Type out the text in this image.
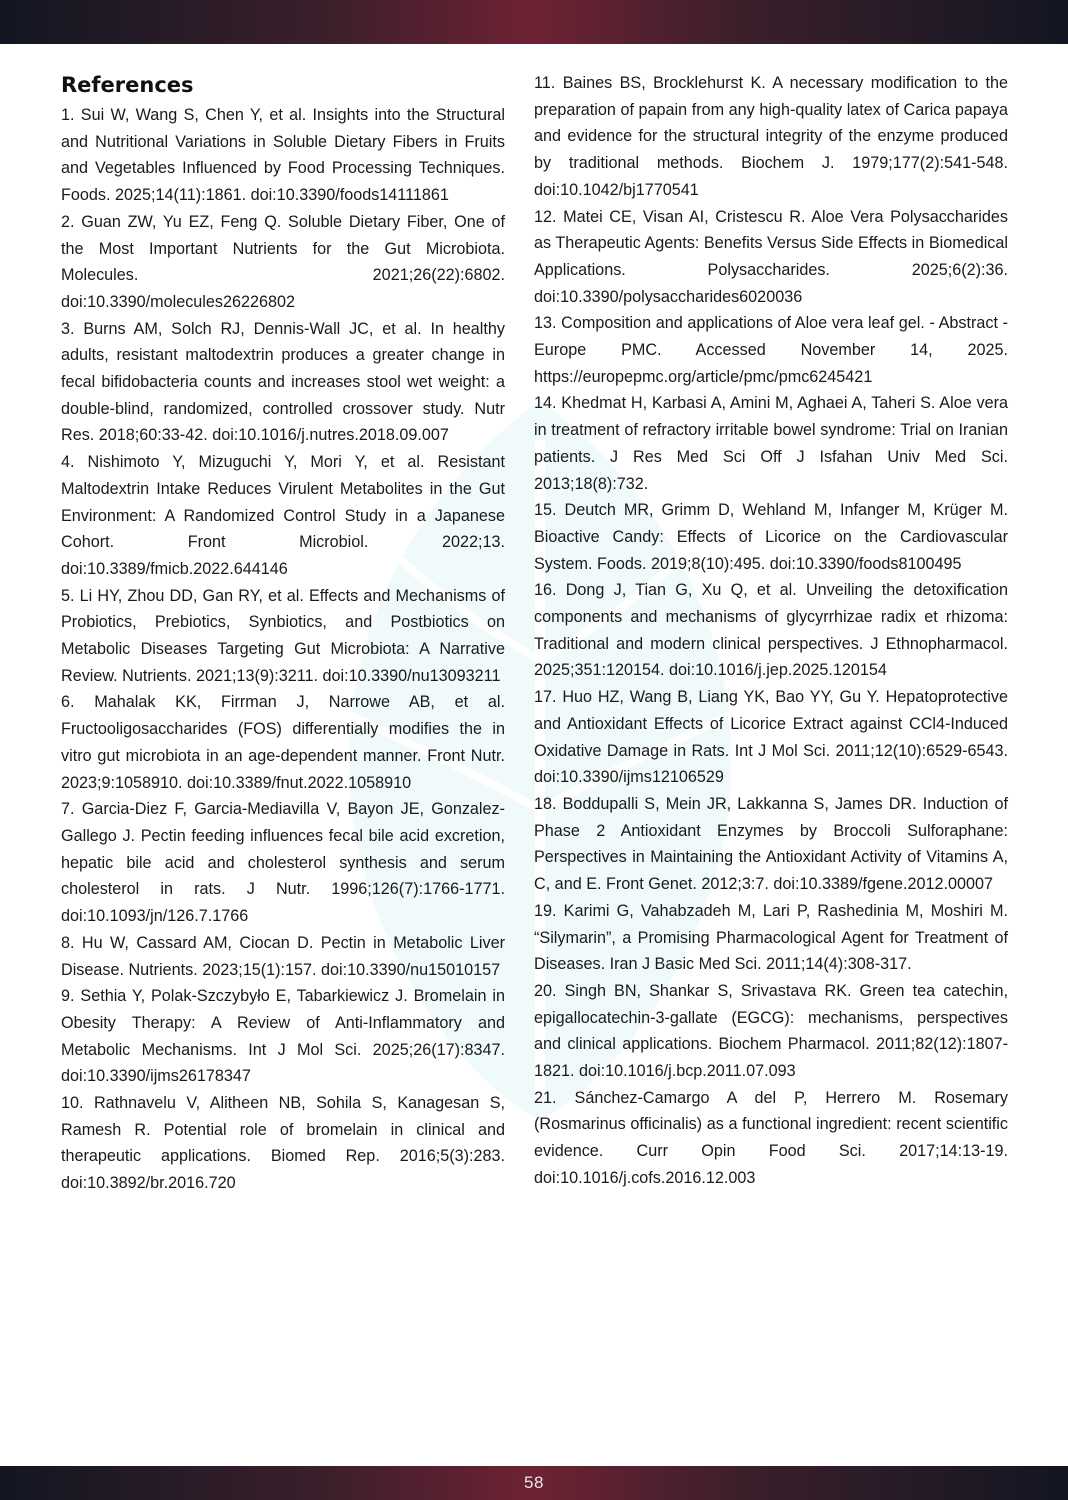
References

1. Sui W, Wang S, Chen Y, et al. Insights into the Structural and Nutritional Variations in Soluble Dietary Fibers in Fruits and Vegetables Influenced by Food Processing Techniques. Foods. 2025;14(11):1861. doi:10.3390/foods14111861

2. Guan ZW, Yu EZ, Feng Q. Soluble Dietary Fiber, One of the Most Important Nutrients for the Gut Microbiota. Molecules. 2021;26(22):6802. doi:10.3390/molecules26226802

3. Burns AM, Solch RJ, Dennis-Wall JC, et al. In healthy adults, resistant maltodextrin produces a greater change in fecal bifidobacteria counts and increases stool wet weight: a double-blind, randomized, controlled crossover study. Nutr Res. 2018;60:33-42. doi:10.1016/j.nutres.2018.09.007

4. Nishimoto Y, Mizuguchi Y, Mori Y, et al. Resistant Maltodextrin Intake Reduces Virulent Metabolites in the Gut Environment: A Randomized Control Study in a Japanese Cohort. Front Microbiol. 2022;13. doi:10.3389/fmicb.2022.644146

5. Li HY, Zhou DD, Gan RY, et al. Effects and Mechanisms of Probiotics, Prebiotics, Synbiotics, and Postbiotics on Metabolic Diseases Targeting Gut Microbiota: A Narrative Review. Nutrients. 2021;13(9):3211. doi:10.3390/nu13093211

6. Mahalak KK, Firrman J, Narrowe AB, et al. Fructooligosaccharides (FOS) differentially modifies the in vitro gut microbiota in an age-dependent manner. Front Nutr. 2023;9:1058910. doi:10.3389/fnut.2022.1058910

7. Garcia-Diez F, Garcia-Mediavilla V, Bayon JE, Gonzalez-Gallego J. Pectin feeding influences fecal bile acid excretion, hepatic bile acid and cholesterol synthesis and serum cholesterol in rats. J Nutr. 1996;126(7):1766-1771. doi:10.1093/jn/126.7.1766

8. Hu W, Cassard AM, Ciocan D. Pectin in Metabolic Liver Disease. Nutrients. 2023;15(1):157. doi:10.3390/nu15010157

9. Sethia Y, Polak-Szczybyło E, Tabarkiewicz J. Bromelain in Obesity Therapy: A Review of Anti-Inflammatory and Metabolic Mechanisms. Int J Mol Sci. 2025;26(17):8347. doi:10.3390/ijms26178347

10. Rathnavelu V, Alitheen NB, Sohila S, Kanagesan S, Ramesh R. Potential role of bromelain in clinical and therapeutic applications. Biomed Rep. 2016;5(3):283. doi:10.3892/br.2016.720

11. Baines BS, Brocklehurst K. A necessary modification to the preparation of papain from any high-quality latex of Carica papaya and evidence for the structural integrity of the enzyme produced by traditional methods. Biochem J. 1979;177(2):541-548. doi:10.1042/bj1770541

12. Matei CE, Visan AI, Cristescu R. Aloe Vera Polysaccharides as Therapeutic Agents: Benefits Versus Side Effects in Biomedical Applications. Polysaccharides. 2025;6(2):36. doi:10.3390/polysaccharides6020036

13. Composition and applications of Aloe vera leaf gel. - Abstract - Europe PMC. Accessed November 14, 2025. https://europepmc.org/article/pmc/pmc6245421

14. Khedmat H, Karbasi A, Amini M, Aghaei A, Taheri S. Aloe vera in treatment of refractory irritable bowel syndrome: Trial on Iranian patients. J Res Med Sci Off J Isfahan Univ Med Sci. 2013;18(8):732.

15. Deutch MR, Grimm D, Wehland M, Infanger M, Krüger M. Bioactive Candy: Effects of Licorice on the Cardiovascular System. Foods. 2019;8(10):495. doi:10.3390/foods8100495

16. Dong J, Tian G, Xu Q, et al. Unveiling the detoxification components and mechanisms of glycyrrhizae radix et rhizoma: Traditional and modern clinical perspectives. J Ethnopharmacol. 2025;351:120154. doi:10.1016/j.jep.2025.120154

17. Huo HZ, Wang B, Liang YK, Bao YY, Gu Y. Hepatoprotective and Antioxidant Effects of Licorice Extract against CCl4-Induced Oxidative Damage in Rats. Int J Mol Sci. 2011;12(10):6529-6543. doi:10.3390/ijms12106529

18. Boddupalli S, Mein JR, Lakkanna S, James DR. Induction of Phase 2 Antioxidant Enzymes by Broccoli Sulforaphane: Perspectives in Maintaining the Antioxidant Activity of Vitamins A, C, and E. Front Genet. 2012;3:7. doi:10.3389/fgene.2012.00007

19. Karimi G, Vahabzadeh M, Lari P, Rashedinia M, Moshiri M. “Silymarin”, a Promising Pharmacological Agent for Treatment of Diseases. Iran J Basic Med Sci. 2011;14(4):308-317.

20. Singh BN, Shankar S, Srivastava RK. Green tea catechin, epigallocatechin-3-gallate (EGCG): mechanisms, perspectives and clinical applications. Biochem Pharmacol. 2011;82(12):1807-1821. doi:10.1016/j.bcp.2011.07.093

21. Sánchez-Camargo A del P, Herrero M. Rosemary (Rosmarinus officinalis) as a functional ingredient: recent scientific evidence. Curr Opin Food Sci. 2017;14:13-19. doi:10.1016/j.cofs.2016.12.003

58
